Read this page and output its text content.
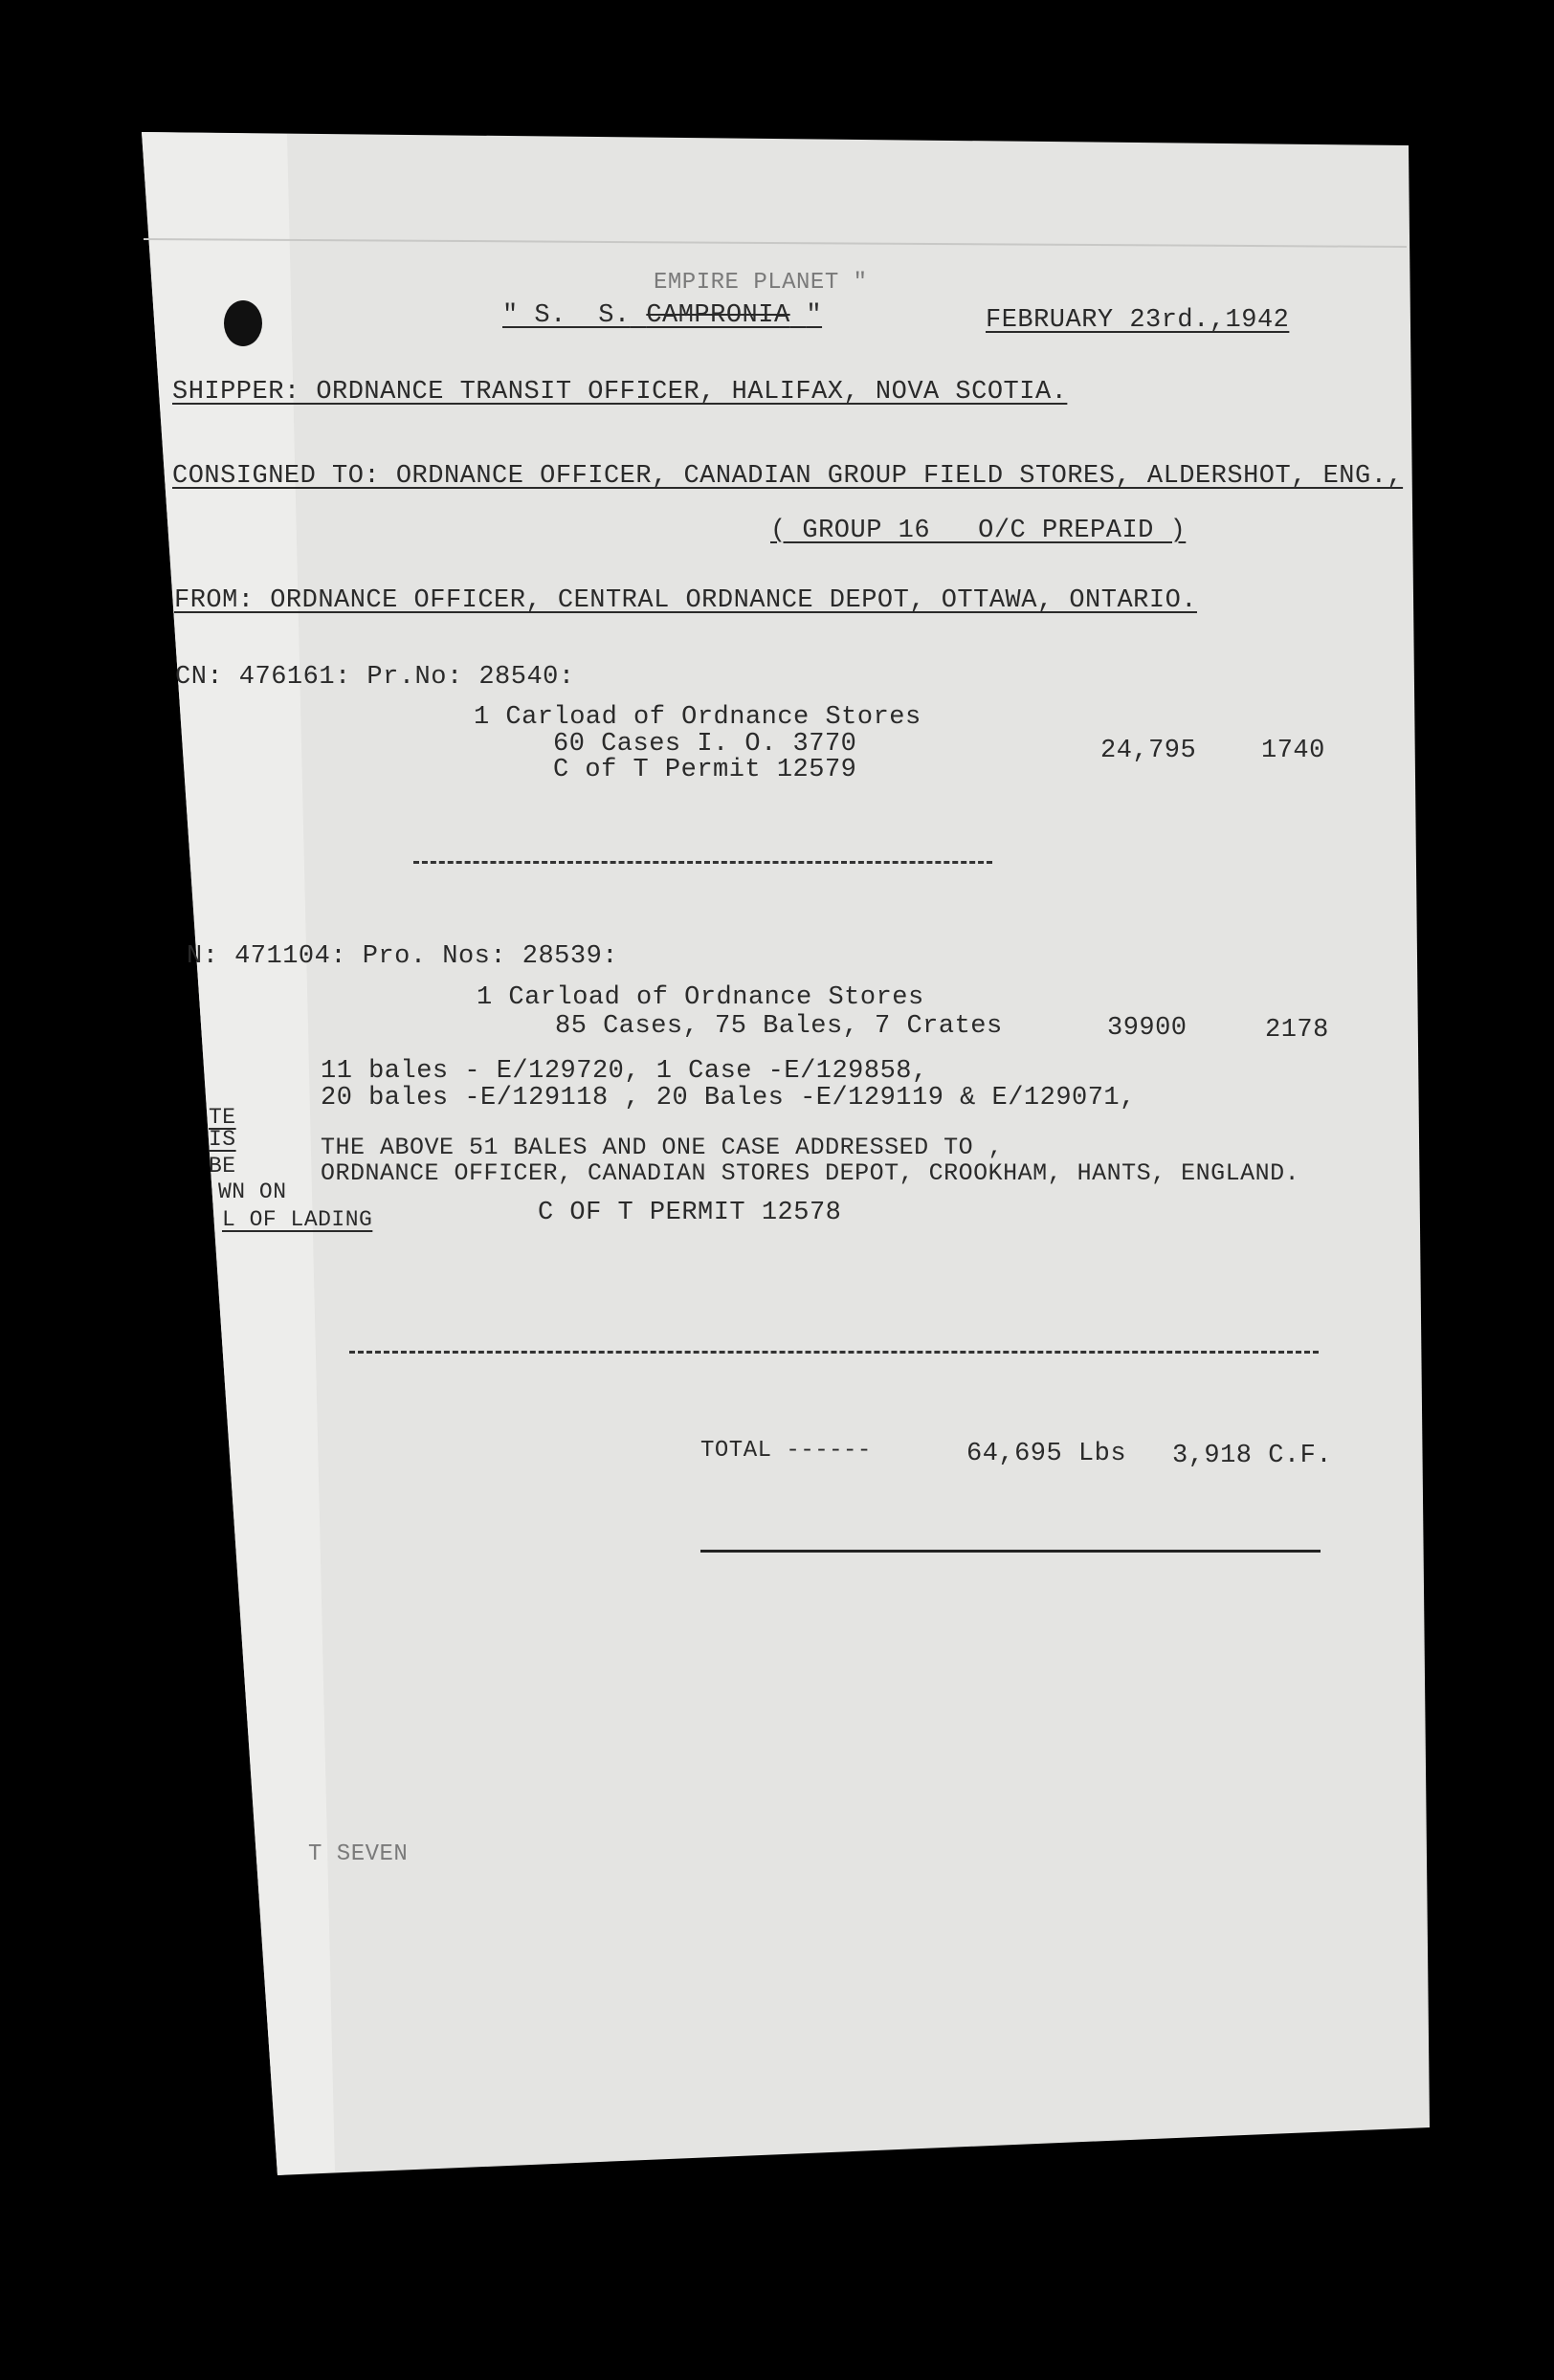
EMPIRE PLANET "
" S.  S. CAMPRONIA "	FEBRUARY 23rd.,1942
SHIPPER: ORDNANCE TRANSIT OFFICER, HALIFAX, NOVA SCOTIA.
CONSIGNED TO: ORDNANCE OFFICER, CANADIAN GROUP FIELD STORES, ALDERSHOT, ENG.,
( GROUP 16   O/C PREPAID )
FROM: ORDNANCE OFFICER, CENTRAL ORDNANCE DEPOT, OTTAWA, ONTARIO.
CN: 476161: Pr.No: 28540:
1 Carload of Ordnance Stores
60 Cases I. O. 3770
C of T Permit 12579
24,795	1740
N: 471104: Pro. Nos: 28539:
1 Carload of Ordnance Stores
85 Cases, 75 Bales, 7 Crates	39900	2178
11 bales - E/129720, 1 Case -E/129858,
20 bales -E/129118 , 20 Bales -E/129119 & E/129071,
TE
IS
BE
WN ON
L OF LADING
THE ABOVE 51 BALES AND ONE CASE ADDRESSED TO ,
ORDNANCE OFFICER, CANADIAN STORES DEPOT, CROOKHAM, HANTS, ENGLAND.
C OF T PERMIT 12578
TOTAL ------	64,695 Lbs 3,918 C.F.
T SEVEN
